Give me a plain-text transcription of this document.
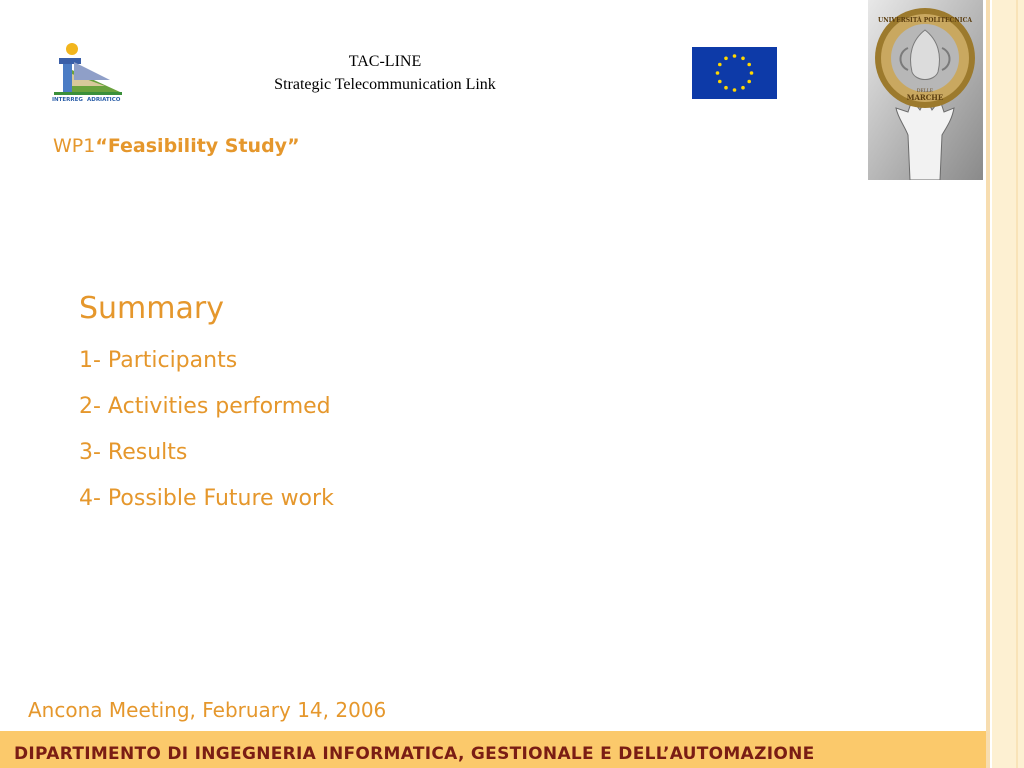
INTERREG ADRIATICO
TAC-LINE
Strategic Telecommunication Link
UNIVERSITÀ POLITECNICA
MARCHE
DELLE
WP1“Feasibility Study”
Summary
1- Participants
2- Activities performed
3- Results
4- Possible Future work
Ancona Meeting, February 14, 2006
DIPARTIMENTO DI INGEGNERIA INFORMATICA, GESTIONALE E DELL’AUTOMAZIONE
